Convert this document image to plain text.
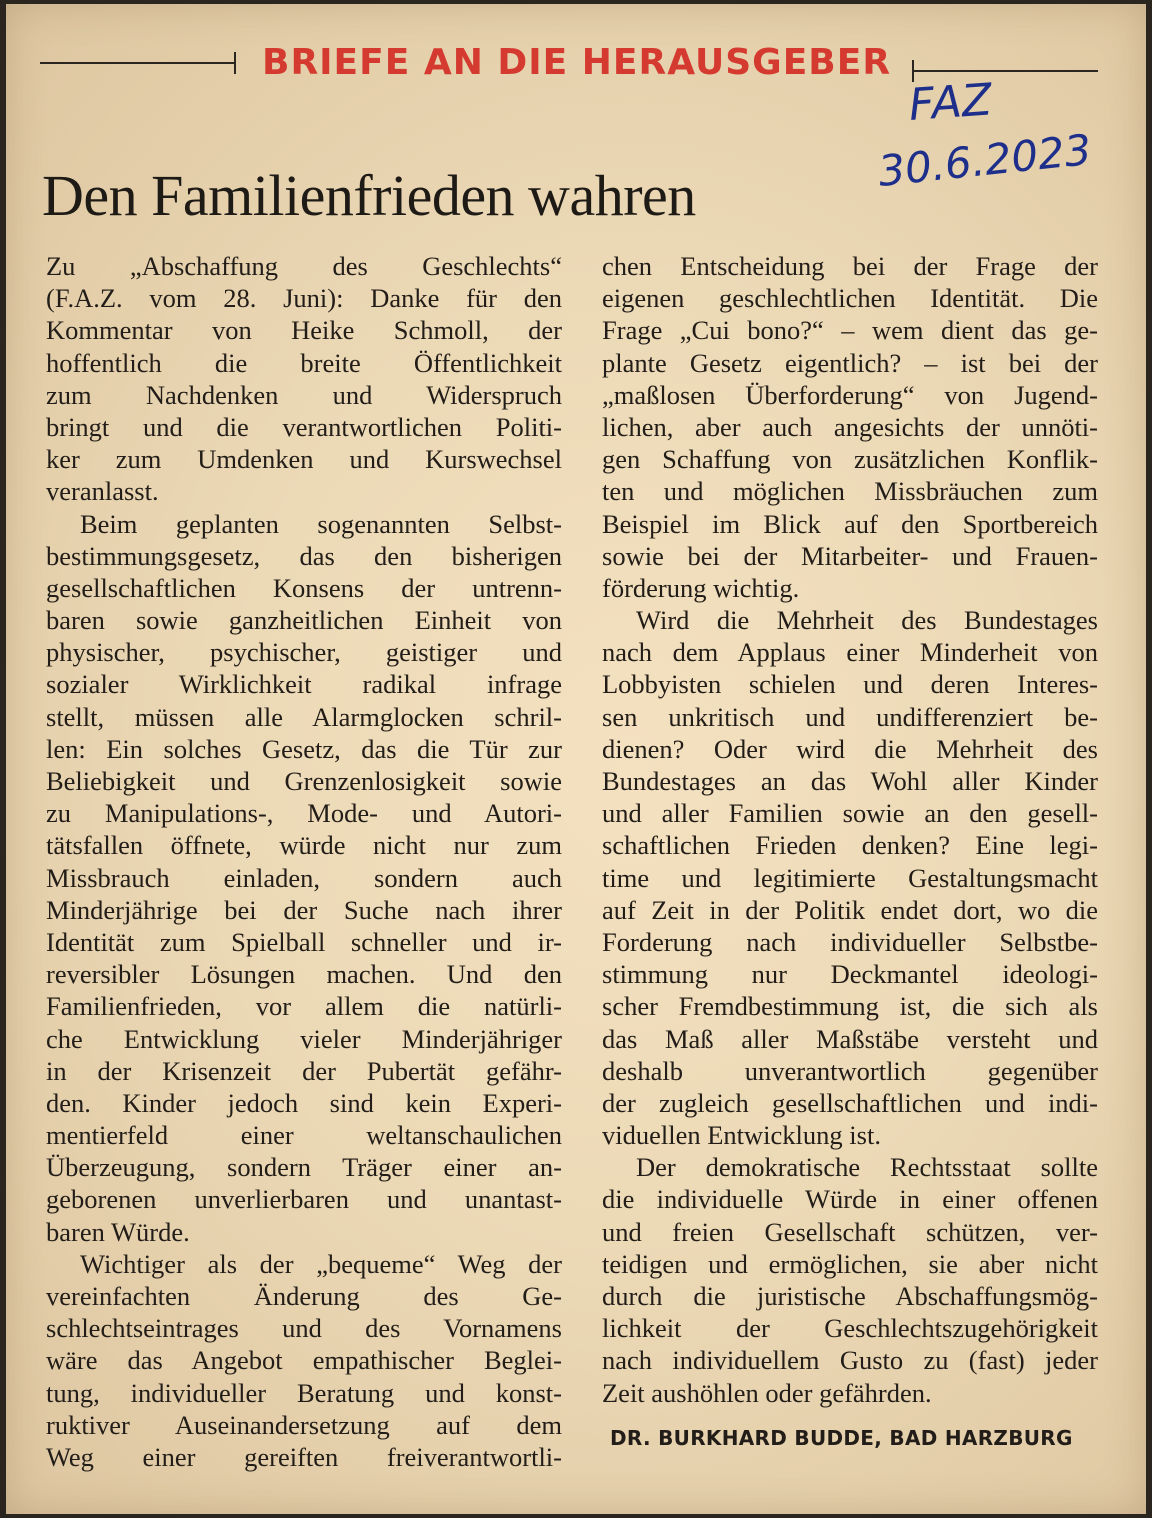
BRIEFE AN DIE HERAUSGEBER
FAZ
30.6.2023
Den Familienfrieden wahren
Zu „Abschaffung des Geschlechts“
(F.A.Z. vom 28. Juni): Danke für den
Kommentar von Heike Schmoll, der
hoffentlich die breite Öffentlichkeit
zum Nachdenken und Widerspruch
bringt und die verantwortlichen Politi-
ker zum Umdenken und Kurswechsel
veranlasst.
Beim geplanten sogenannten Selbst-
bestimmungsgesetz, das den bisherigen
gesellschaftlichen Konsens der untrenn-
baren sowie ganzheitlichen Einheit von
physischer, psychischer, geistiger und
sozialer Wirklichkeit radikal infrage
stellt, müssen alle Alarmglocken schril-
len: Ein solches Gesetz, das die Tür zur
Beliebigkeit und Grenzenlosigkeit sowie
zu Manipulations-, Mode- und Autori-
tätsfallen öffnete, würde nicht nur zum
Missbrauch einladen, sondern auch
Minderjährige bei der Suche nach ihrer
Identität zum Spielball schneller und ir-
reversibler Lösungen machen. Und den
Familienfrieden, vor allem die natürli-
che Entwicklung vieler Minderjähriger
in der Krisenzeit der Pubertät gefähr-
den. Kinder jedoch sind kein Experi-
mentierfeld einer weltanschaulichen
Überzeugung, sondern Träger einer an-
geborenen unverlierbaren und unantast-
baren Würde.
Wichtiger als der „bequeme“ Weg der
vereinfachten Änderung des Ge-
schlechtseintrages und des Vornamens
wäre das Angebot empathischer Beglei-
tung, individueller Beratung und konst-
ruktiver Auseinandersetzung auf dem
Weg einer gereiften freiverantwortli-
chen Entscheidung bei der Frage der
eigenen geschlechtlichen Identität. Die
Frage „Cui bono?“ – wem dient das ge-
plante Gesetz eigentlich? – ist bei der
„maßlosen Überforderung“ von Jugend-
lichen, aber auch angesichts der unnöti-
gen Schaffung von zusätzlichen Konflik-
ten und möglichen Missbräuchen zum
Beispiel im Blick auf den Sportbereich
sowie bei der Mitarbeiter- und Frauen-
förderung wichtig.
Wird die Mehrheit des Bundestages
nach dem Applaus einer Minderheit von
Lobbyisten schielen und deren Interes-
sen unkritisch und undifferenziert be-
dienen? Oder wird die Mehrheit des
Bundestages an das Wohl aller Kinder
und aller Familien sowie an den gesell-
schaftlichen Frieden denken? Eine legi-
time und legitimierte Gestaltungsmacht
auf Zeit in der Politik endet dort, wo die
Forderung nach individueller Selbstbe-
stimmung nur Deckmantel ideologi-
scher Fremdbestimmung ist, die sich als
das Maß aller Maßstäbe versteht und
deshalb unverantwortlich gegenüber
der zugleich gesellschaftlichen und indi-
viduellen Entwicklung ist.
Der demokratische Rechtsstaat sollte
die individuelle Würde in einer offenen
und freien Gesellschaft schützen, ver-
teidigen und ermöglichen, sie aber nicht
durch die juristische Abschaffungsmög-
lichkeit der Geschlechtszugehörigkeit
nach individuellem Gusto zu (fast) jeder
Zeit aushöhlen oder gefährden.
DR. BURKHARD BUDDE, BAD HARZBURG
